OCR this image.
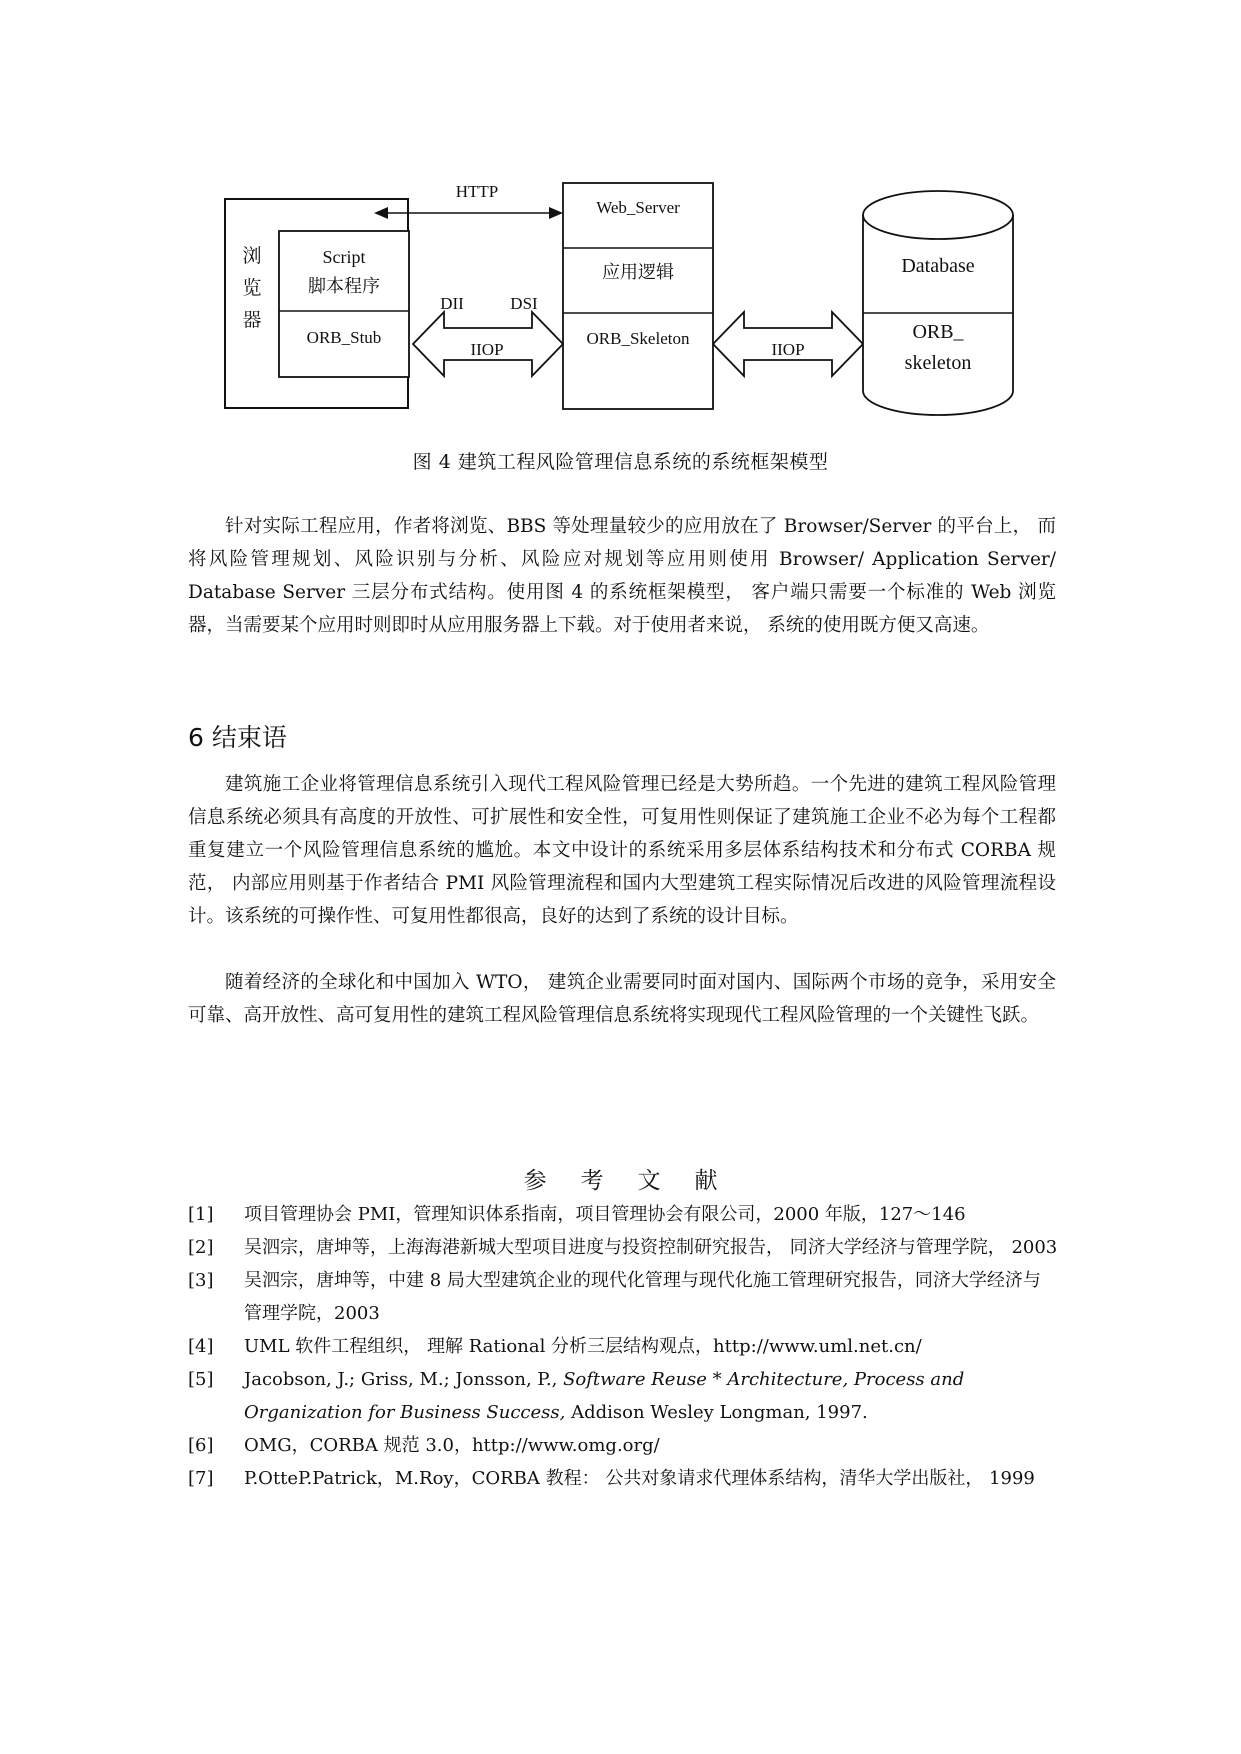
浏
览
器
Script
脚本程序
ORB_Stub
HTTP
DII	DSI
IIOP
Web_Server
应用逻辑
ORB_Skeleton
IIOP
Database
ORB_
skeleton
图 4 建筑工程风险管理信息系统的系统框架模型

针对实际工程应用，作者将浏览、BBS 等处理量较少的应用放在了 Browser/Server 的平台上， 而将风险管理规划、风险识别与分析、风险应对规划等应用则使用 Browser/ Application Server/ Database Server 三层分布式结构。使用图 4 的系统框架模型， 客户端只需要一个标准的 Web 浏览器，当需要某个应用时则即时从应用服务器上下载。对于使用者来说， 系统的使用既方便又高速。

6 结束语

建筑施工企业将管理信息系统引入现代工程风险管理已经是大势所趋。一个先进的建筑工程风险管理信息系统必须具有高度的开放性、可扩展性和安全性，可复用性则保证了建筑施工企业不必为每个工程都重复建立一个风险管理信息系统的尴尬。本文中设计的系统采用多层体系结构技术和分布式 CORBA 规范， 内部应用则基于作者结合 PMI 风险管理流程和国内大型建筑工程实际情况后改进的风险管理流程设计。该系统的可操作性、可复用性都很高，良好的达到了系统的设计目标。

随着经济的全球化和中国加入 WTO， 建筑企业需要同时面对国内、国际两个市场的竞争，采用安全可靠、高开放性、高可复用性的建筑工程风险管理信息系统将实现现代工程风险管理的一个关键性飞跃。

参考文献
[1]	项目管理协会 PMI，管理知识体系指南，项目管理协会有限公司，2000 年版，127～146
[2]	吴泗宗，唐坤等，上海海港新城大型项目进度与投资控制研究报告， 同济大学经济与管理学院， 2003
[3]	吴泗宗，唐坤等，中建 8 局大型建筑企业的现代化管理与现代化施工管理研究报告，同济大学经济与管理学院，2003
[4]	UML 软件工程组织， 理解 Rational 分析三层结构观点，http://www.uml.net.cn/
[5]	Jacobson, J.; Griss, M.; Jonsson, P., Software Reuse * Architecture, Process and Organization for Business Success, Addison Wesley Longman, 1997.
[6]	OMG，CORBA 规范 3.0，http://www.omg.org/
[7]	P.OtteP.Patrick，M.Roy，CORBA 教程： 公共对象请求代理体系结构，清华大学出版社， 1999
